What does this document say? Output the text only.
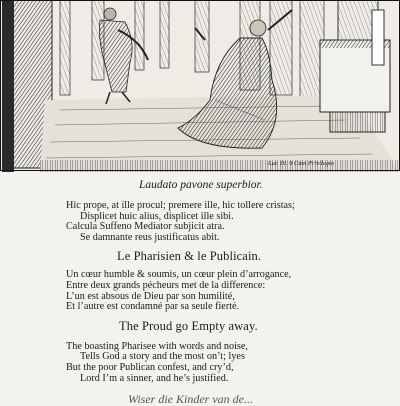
Luc 18. 9 Cum Privilegio
Laudato pavone superbior.
Hic prope, at ille procul; premere ille, hic tollere cristas;
Displicet huic alius, displicet ille sibi.
Calcula Suffeno Mediator subjicit atra.
Se damnante reus justificatus abit.
Le Pharisien & le Publicain.
Un cœur humble & soumis, un cœur plein d’arrogance,
Entre deux grands pécheurs met de la difference:
L’un est absous de Dieu par son humilité,
Et l’autre est condamné par sa seule fierté.
The Proud go Empty away.
The boasting Pharisee with words and noise,
Tells God a story and the most on’t; lyes
But the poor Publican confest, and cry’d,
Lord I’m a sinner, and he’s justified.
Wiser die Kinder van de...
